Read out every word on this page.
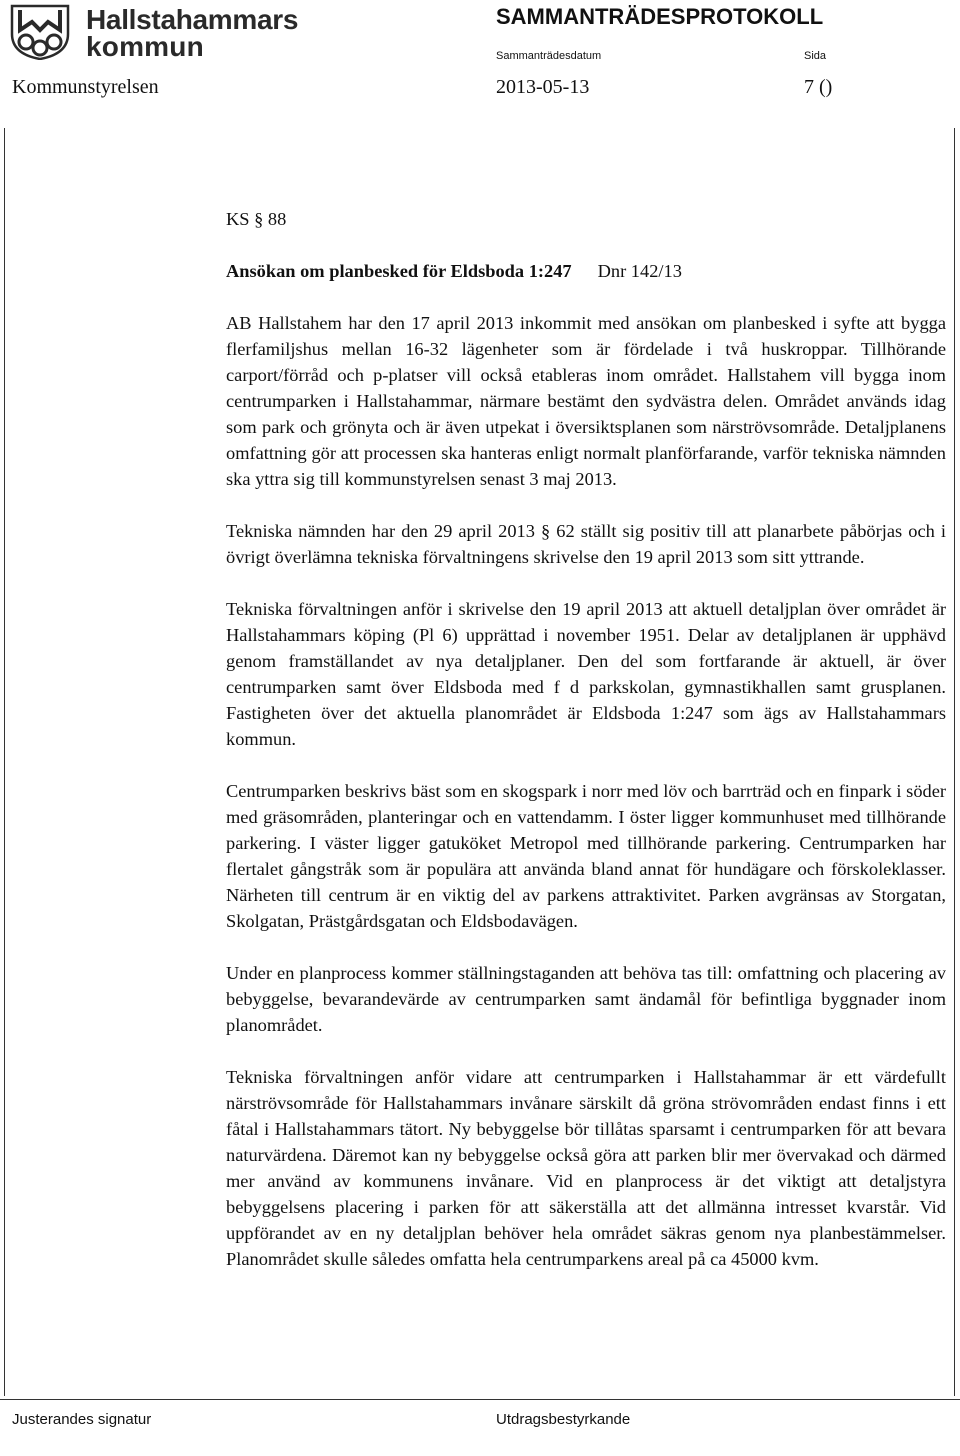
Hallstahammars
kommun
SAMMANTRÄDESPROTOKOLL
Sammanträdesdatum	Sida
Kommunstyrelsen	2013-05-13	7 ()
KS § 88
Ansökan om planbesked för Eldsboda 1:247 Dnr 142/13

AB Hallstahem har den 17 april 2013 inkommit med ansökan om planbesked i syfte att bygga flerfamiljshus mellan 16-32 lägenheter som är fördelade i två huskroppar. Tillhörande carport/förråd och p-platser vill också etableras inom området. Hallstahem vill bygga inom centrumparken i Hallstahammar, närmare bestämt den sydvästra delen. Området används idag som park och grönyta och är även utpekat i översiktsplanen som närströvsområde. Detaljplanens omfattning gör att processen ska hanteras enligt normalt planförfarande, varför tekniska nämnden ska yttra sig till kommunstyrelsen senast 3 maj 2013.

Tekniska nämnden har den 29 april 2013 § 62 ställt sig positiv till att planarbete påbörjas och i övrigt överlämna tekniska förvaltningens skrivelse den 19 april 2013 som sitt yttrande.

Tekniska förvaltningen anför i skrivelse den 19 april 2013 att aktuell detaljplan över området är Hallstahammars köping (Pl 6) upprättad i november 1951. Delar av detaljplanen är upphävd genom framställandet av nya detaljplaner. Den del som fortfarande är aktuell, är över centrumparken samt över Eldsboda med f d parkskolan, gymnastikhallen samt grusplanen. Fastigheten över det aktuella planområdet är Eldsboda 1:247 som ägs av Hallstahammars kommun.

Centrumparken beskrivs bäst som en skogspark i norr med löv och barrträd och en finpark i söder med gräsområden, planteringar och en vattendamm. I öster ligger kommunhuset med tillhörande parkering. I väster ligger gatuköket Metropol med tillhörande parkering. Centrumparken har flertalet gångstråk som är populära att använda bland annat för hundägare och förskoleklasser. Närheten till centrum är en viktig del av parkens attraktivitet. Parken avgränsas av Storgatan, Skolgatan, Prästgårdsgatan och Eldsbodavägen.

Under en planprocess kommer ställningstaganden att behöva tas till: omfattning och placering av bebyggelse, bevarandevärde av centrumparken samt ändamål för befintliga byggnader inom planområdet.

Tekniska förvaltningen anför vidare att centrumparken i Hallstahammar är ett värdefullt närströvsområde för Hallstahammars invånare särskilt då gröna strövområden endast finns i ett fåtal i Hallstahammars tätort. Ny bebyggelse bör tillåtas sparsamt i centrumparken för att bevara naturvärdena. Däremot kan ny bebyggelse också göra att parken blir mer övervakad och därmed mer använd av kommunens invånare. Vid en planprocess är det viktigt att detaljstyra bebyggelsens placering i parken för att säkerställa att det allmänna intresset kvarstår. Vid uppförandet av en ny detaljplan behöver hela området säkras genom nya planbestämmelser. Planområdet skulle således omfatta hela centrumparkens areal på ca 45000 kvm.

Justerandes signatur	Utdragsbestyrkande
